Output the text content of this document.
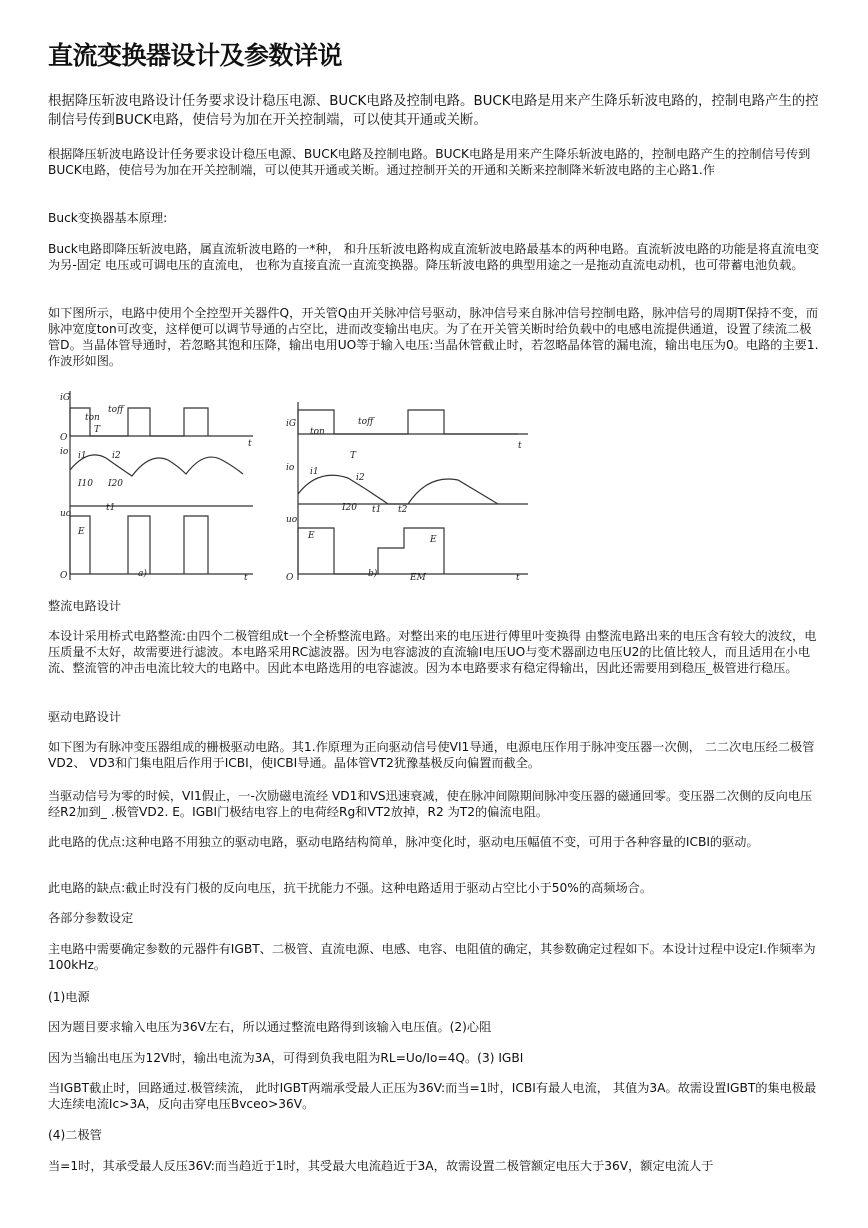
直流变换器设计及参数详说
根据降压斩波电路设计任务要求设计稳压电源、BUCK电路及控制电路。BUCK电路是用来产生降乐斩波电路的，控制电路产生的控制信号传到BUCK电路，使信号为加在开关控制端，可以使其开通或关断。
根据降压斩波电路设计任务要求设计稳压电源、BUCK电路及控制电路。BUCK电路是用来产生降乐斩波电路的，控制电路产生的控制信号传到BUCK电路，使信号为加在开关控制端，可以使其开通或关断。通过控制开关的开通和关断来控制降米斩波电路的主心路1.作
Buck变换器基本原理:
Buck电路即降压斩波电路，属直流斩波电路的一*种， 和升压斩波电路构成直流斩波电路最基本的两种电路。直流斩波电路的功能是将直流电变为另-固定 电压或可调电压的直流电， 也称为直接直流一直流变换器。降压斩波电路的典型用途之一是拖动直流电动机，也可带蓄电池负载。
如下图所示，电路中使用个全控型开关器件Q，开关管Q由开关脉冲信号驱动，脉冲信号来自脉冲信号控制电路，脉冲信号的周期T保持不变，而脉冲宽度ton可改变，这样便可以调节导通的占空比，进而改变输出电庆。为了在开关管关断时给负载中的电感电流提供通道，设置了续流二极管D。当晶体管导通时，若忽略其饱和压降，输出电用UO等于输入电压:当晶休管截止时，若忽略晶体管的漏电流，输出电压为0。电路的主要1.作波形如图。
iG
ton
toff
T
t
O
io i1	i2
I10 I20
t1
uo
E
O	a)	t
iG
ton
toff
T
t
io i1
i2
I20 t1 t2
uo
E	E
EM
b)	t
O
整流电路设计
本设计采用桥式电路整流:由四个二极管组成t一个全桥整流电路。对整出来的电压进行傅里叶变换得 由整流电路出来的电压含有较大的波纹，电压质量不太好，故需要进行滤波。本电路采用RC滤波器。因为电容滤波的直流输I电压UO与变术器副边电压U2的比值比较人，而且适用在小电流、整流管的冲击电流比较大的电路中。因此本电路选用的电容滤波。因为本电路要求有稳定得输出，因此还需要用到稳压_极管进行稳压。
驱动电路设计
如下图为有脉冲变压器组成的栅极驱动电路。其1.作原理为正向驱动信号使VI1导通，电源电压作用于脉冲变压器一次侧， 二二次电压经二极管VD2、 VD3和门集电阻后作用于ICBI，使ICBI导通。晶体管VT2犹豫基极反向偏置而截全。
当驱动信号为零的时候，VI1假止，一-次励磁电流经 VD1和VS迅速衰减，使在脉冲间隙期间脉冲变压器的磁通回零。变压器二次侧的反向电压经R2加到_ .极管VD2. E。IGBI门极结电容上的电荷经Rg和VT2放掉，R2 为T2的偏流电阻。
此电路的优点:这种电路不用独立的驱动电路，驱动电路结构简单，脉冲变化时，驱动电压幅值不变，可用于各种容量的ICBI的驱动。
此电路的缺点:截止时没有门极的反向电压，抗干扰能力不强。这种电路适用于驱动占空比小于50%的高频场合。
各部分参数设定
主电路中需要确定参数的元器件有IGBT、二极管、直流电源、电感、电容、电阻值的确定，其参数确定过程如下。本设计过程中设定I.作频率为100kHz。
(1)电源
因为题目要求输入电压为36V左右，所以通过整流电路得到该输入电压值。(2)心阻
因为当输出电压为12V时，输出电流为3A，可得到负我电阻为RL=Uo/Io=4Q。(3) IGBI
当IGBT截止时，回路通过.极管续流， 此时IGBT两端承受最人正压为36V:而当=1时，ICBI有最人电流， 其值为3A。故需设置IGBT的集电极最大连续电流Ic>3A，反向击穿电压Bvceo>36V。
(4)二极管
当=1时，其承受最人反压36V:而当趋近于1时，其受最大电流趋近于3A，故需设置二极管额定电压大于36V，额定电流人于
